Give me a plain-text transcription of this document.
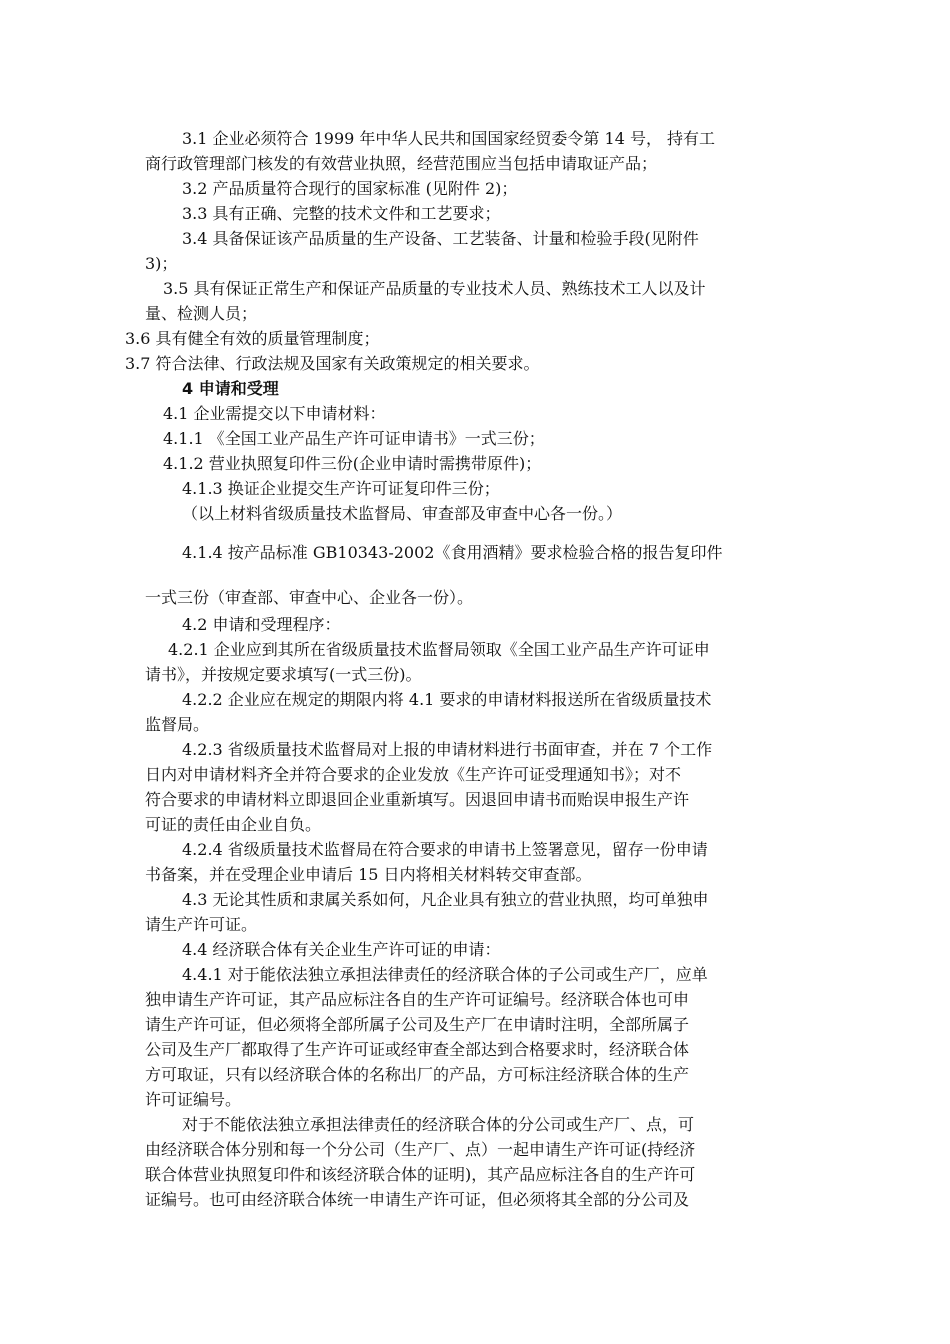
3.1 企业必须符合 1999 年中华人民共和国国家经贸委令第 14 号， 持有工
商行政管理部门核发的有效营业执照，经营范围应当包括申请取证产品；
3.2 产品质量符合现行的国家标准 (见附件 2)；
3.3 具有正确、完整的技术文件和工艺要求；
3.4 具备保证该产品质量的生产设备、工艺装备、计量和检验手段(见附件
3)；
3.5 具有保证正常生产和保证产品质量的专业技术人员、熟练技术工人以及计
量、检测人员；
3.6 具有健全有效的质量管理制度；
3.7 符合法律、行政法规及国家有关政策规定的相关要求。
4 申请和受理
4.1 企业需提交以下申请材料：
4.1.1 《全国工业产品生产许可证申请书》一式三份；
4.1.2 营业执照复印件三份(企业申请时需携带原件)；
4.1.3 换证企业提交生产许可证复印件三份；
（以上材料省级质量技术监督局、审查部及审查中心各一份。）
4.1.4 按产品标准 GB10343-2002《食用酒精》要求检验合格的报告复印件
一式三份（审查部、审查中心、企业各一份）。
4.2 申请和受理程序：
4.2.1 企业应到其所在省级质量技术监督局领取《全国工业产品生产许可证申
请书》，并按规定要求填写(一式三份)。
4.2.2 企业应在规定的期限内将 4.1 要求的申请材料报送所在省级质量技术
监督局。
4.2.3 省级质量技术监督局对上报的申请材料进行书面审查，并在 7 个工作
日内对申请材料齐全并符合要求的企业发放《生产许可证受理通知书》；对不
符合要求的申请材料立即退回企业重新填写。因退回申请书而贻误申报生产许
可证的责任由企业自负。
4.2.4 省级质量技术监督局在符合要求的申请书上签署意见，留存一份申请
书备案，并在受理企业申请后 15 日内将相关材料转交审查部。
4.3 无论其性质和隶属关系如何，凡企业具有独立的营业执照，均可单独申
请生产许可证。
4.4 经济联合体有关企业生产许可证的申请：
4.4.1 对于能依法独立承担法律责任的经济联合体的子公司或生产厂，应单
独申请生产许可证，其产品应标注各自的生产许可证编号。经济联合体也可申
请生产许可证，但必须将全部所属子公司及生产厂在申请时注明，全部所属子
公司及生产厂都取得了生产许可证或经审查全部达到合格要求时，经济联合体
方可取证，只有以经济联合体的名称出厂的产品，方可标注经济联合体的生产
许可证编号。
对于不能依法独立承担法律责任的经济联合体的分公司或生产厂、点，可
由经济联合体分别和每一个分公司（生产厂、点）一起申请生产许可证(持经济
联合体营业执照复印件和该经济联合体的证明)，其产品应标注各自的生产许可
证编号。也可由经济联合体统一申请生产许可证，但必须将其全部的分公司及
